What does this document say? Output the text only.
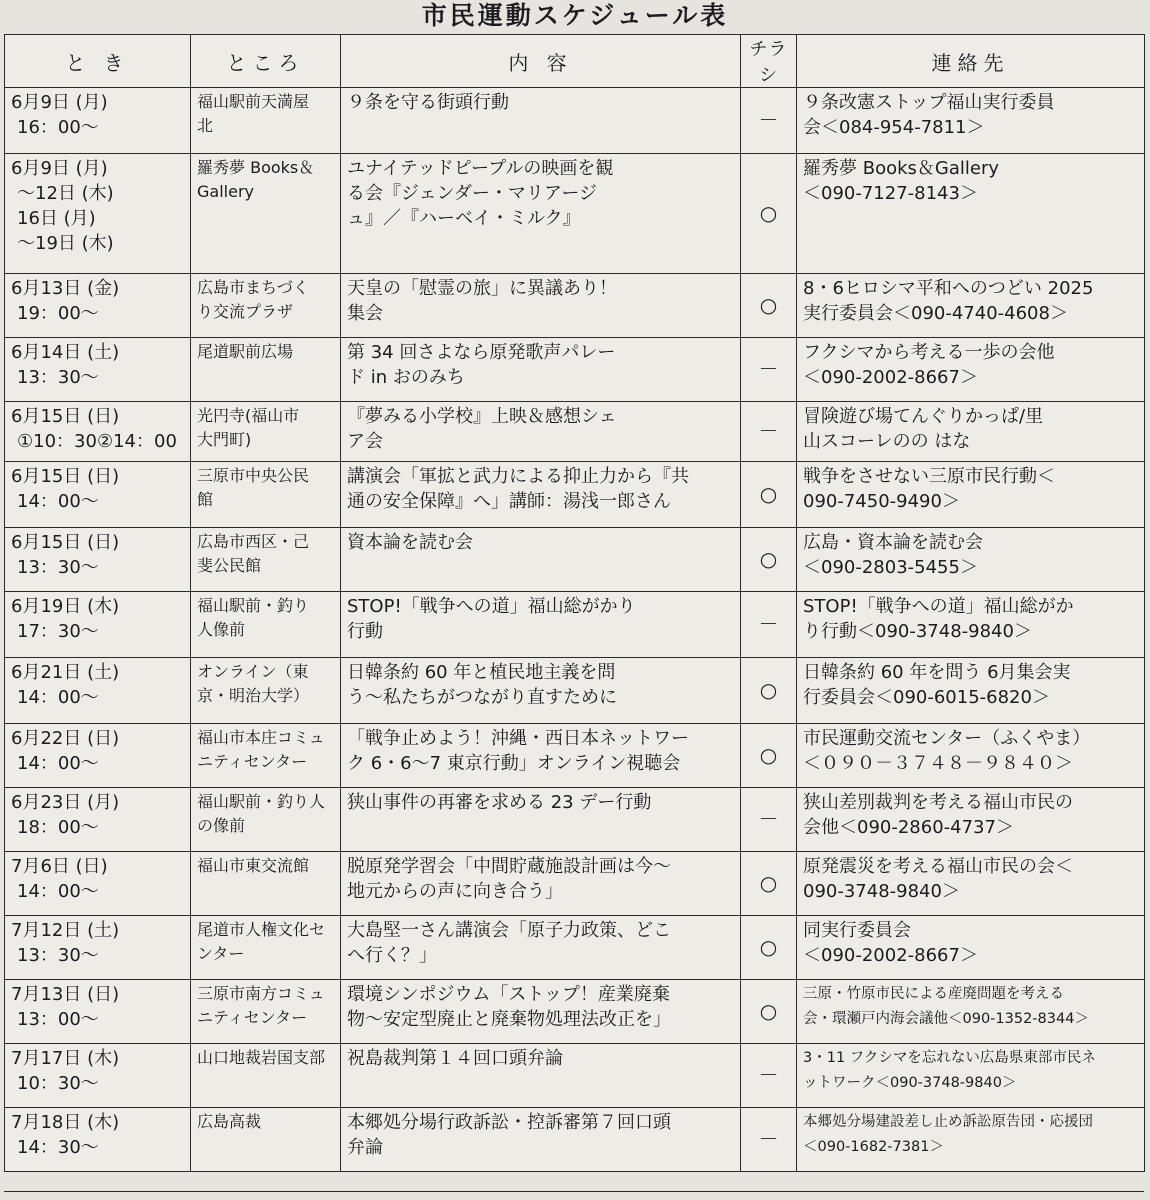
市民運動スケジュール表
と き	ところ	内 容	チラシ	連絡先

6月9日 (月)
16：00～	福山駅前天満屋
北	９条を守る街頭行動	－	９条改憲ストップ福山実行委員
会＜084-954-7811＞

6月9日 (月)
～12日 (木)
16日 (月)
～19日 (木)	羅秀夢 Books＆
Gallery	ユナイテッドピープルの映画を観
る会『ジェンダー・マリアージ
ュ』／『ハーベイ・ミルク』	○	羅秀夢 Books＆Gallery
＜090-7127-8143＞

6月13日 (金)
19：00～	広島市まちづく
り交流プラザ	天皇の「慰霊の旅」に異議あり！
集会	○	8・6ヒロシマ平和へのつどい 2025
実行委員会＜090-4740-4608＞

6月14日 (土)
13：30～	尾道駅前広場	第 34 回さよなら原発歌声パレー
ド in おのみち	－	フクシマから考える一歩の会他
＜090-2002-8667＞

6月15日 (日)
①10：30②14：00	光円寺(福山市
大門町)	『夢みる小学校』上映＆感想シェ
ア会	－	冒険遊び場てんぐりかっぱ/里
山スコーレのの はな

6月15日 (日)
14：00～	三原市中央公民
館	講演会「軍拡と武力による抑止力から『共
通の安全保障』へ」講師：湯浅一郎さん	○	戦争をさせない三原市民行動＜
090-7450-9490＞

6月15日 (日)
13：30～	広島市西区・己
斐公民館	資本論を読む会	○	広島・資本論を読む会
＜090-2803-5455＞

6月19日 (木)
17：30～	福山駅前・釣り
人像前	STOP!「戦争への道」福山総がかり
行動	－	STOP!「戦争への道」福山総がか
り行動＜090-3748-9840＞

6月21日 (土)
14：00～	オンライン（東
京・明治大学）	日韓条約 60 年と植民地主義を問
う～私たちがつながり直すために	○	日韓条約 60 年を問う 6月集会実
行委員会＜090-6015-6820＞

6月22日 (日)
14：00～	福山市本庄コミュ
ニティセンター	「戦争止めよう！沖縄・西日本ネットワー
ク 6・6～7 東京行動」オンライン視聴会	○	市民運動交流センター（ふくやま）
＜０９０－３７４８－９８４０＞

6月23日 (月)
18：00～	福山駅前・釣り人
の像前	狭山事件の再審を求める 23 デー行動	－	狭山差別裁判を考える福山市民の
会他＜090-2860-4737＞

7月6日 (日)
14：00～	福山市東交流館	脱原発学習会「中間貯蔵施設計画は今～
地元からの声に向き合う」	○	原発震災を考える福山市民の会＜
090-3748-9840＞

7月12日 (土)
13：30～	尾道市人権文化セ
ンター	大島堅一さん講演会「原子力政策、どこ
へ行く？」	○	同実行委員会
＜090-2002-8667＞

7月13日 (日)
13：00～	三原市南方コミュ
ニティセンター	環境シンポジウム「ストップ！産業廃棄
物～安定型廃止と廃棄物処理法改正を」	○	三原・竹原市民による産廃問題を考える
会・環瀬戸内海会議他＜090-1352-8344＞

7月17日 (木)
10：30～	山口地裁岩国支部	祝島裁判第１４回口頭弁論	－	3・11 フクシマを忘れない広島県東部市民ネ
ットワーク＜090-3748-9840＞

7月18日 (木)
14：30～	広島高裁	本郷処分場行政訴訟・控訴審第７回口頭
弁論	－	本郷処分場建設差し止め訴訟原告団・応援団
＜090-1682-7381＞
